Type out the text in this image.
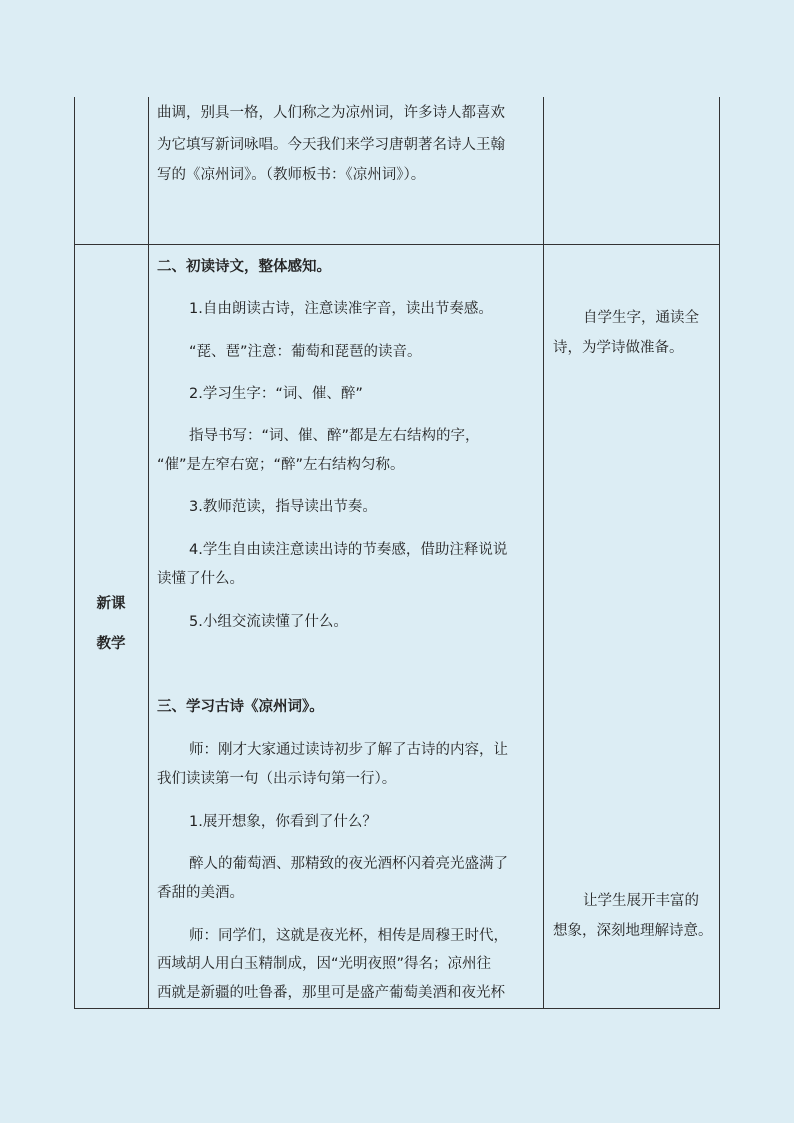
曲调，别具一格，人们称之为凉州词，许多诗人都喜欢
为它填写新词咏唱。今天我们来学习唐朝著名诗人王翰
写的《凉州词》。（教师板书：《凉州词》）。
新课
教学
二、初读诗文，整体感知。
1.自由朗读古诗，注意读准字音，读出节奏感。
“琵、琶”注意：葡萄和琵琶的读音。
2.学习生字：“词、催、醉”
指导书写：“词、催、醉”都是左右结构的字，
“催”是左窄右宽；“醉”左右结构匀称。
3.教师范读，指导读出节奏。
4.学生自由读注意读出诗的节奏感，借助注释说说
读懂了什么。
5.小组交流读懂了什么。
三、学习古诗《凉州词》。
师：刚才大家通过读诗初步了解了古诗的内容，让
我们读读第一句（出示诗句第一行）。
1.展开想象，你看到了什么？
醉人的葡萄酒、那精致的夜光酒杯闪着亮光盛满了
香甜的美酒。
师：同学们，这就是夜光杯，相传是周穆王时代，
西域胡人用白玉精制成，因“光明夜照”得名；凉州往
西就是新疆的吐鲁番，那里可是盛产葡萄美酒和夜光杯
自学生字，通读全
诗，为学诗做准备。
让学生展开丰富的
想象，深刻地理解诗意。
